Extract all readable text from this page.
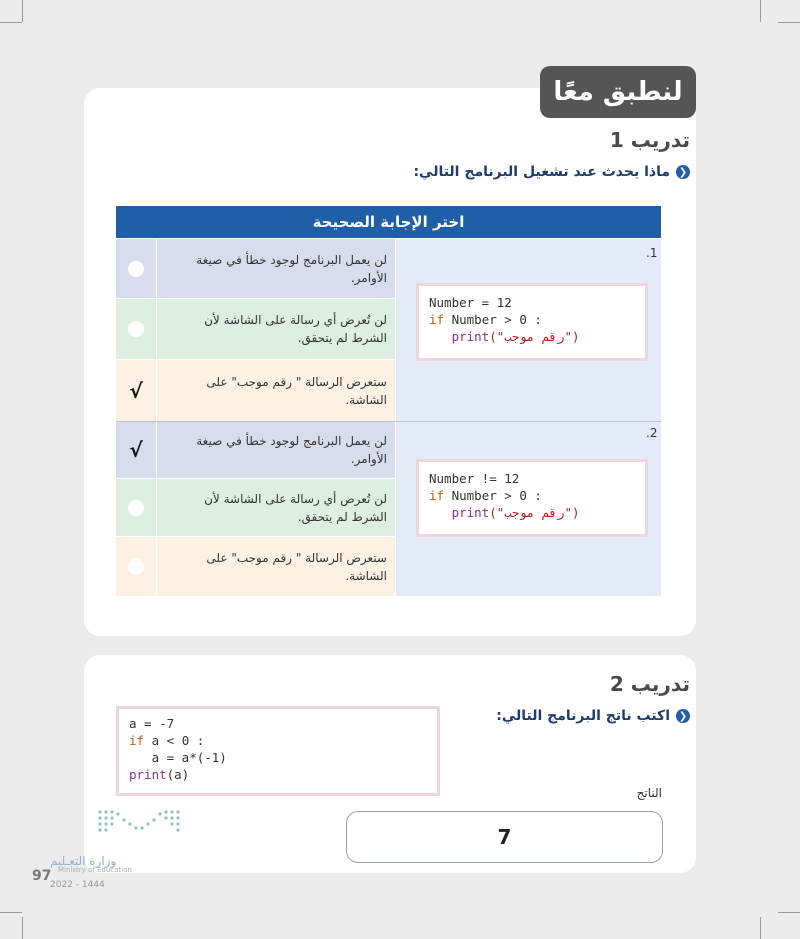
لنطبق معًا
تدريب 1
❮
ماذا يحدث عند تشغيل البرنامج التالي:
اختر الإجابة الصحيحة
.1
Number = 12
if Number > 0 :
print("رقم موجب")
لن يعمل البرنامج لوجود خطأ في صيغة الأوامر.
لن تُعرض أي رسالة على الشاشة لأن الشرط لم يتحقق.
√	ستعرض الرسالة " رقم موجب" على الشاشة.
.2
Number != 12
if Number > 0 :
print("رقم موجب")
√	لن يعمل البرنامج لوجود خطأ في صيغة الأوامر.
لن تُعرض أي رسالة على الشاشة لأن الشرط لم يتحقق.
ستعرض الرسالة " رقم موجب" على الشاشة.
تدريب 2
❮
اكتب ناتج البرنامج التالي:
a = -7
if a < 0 :
a = a*(-1)
print(a)
الناتج
7
وزارة التعـليم
Ministry of Education
97
2022 - 1444
